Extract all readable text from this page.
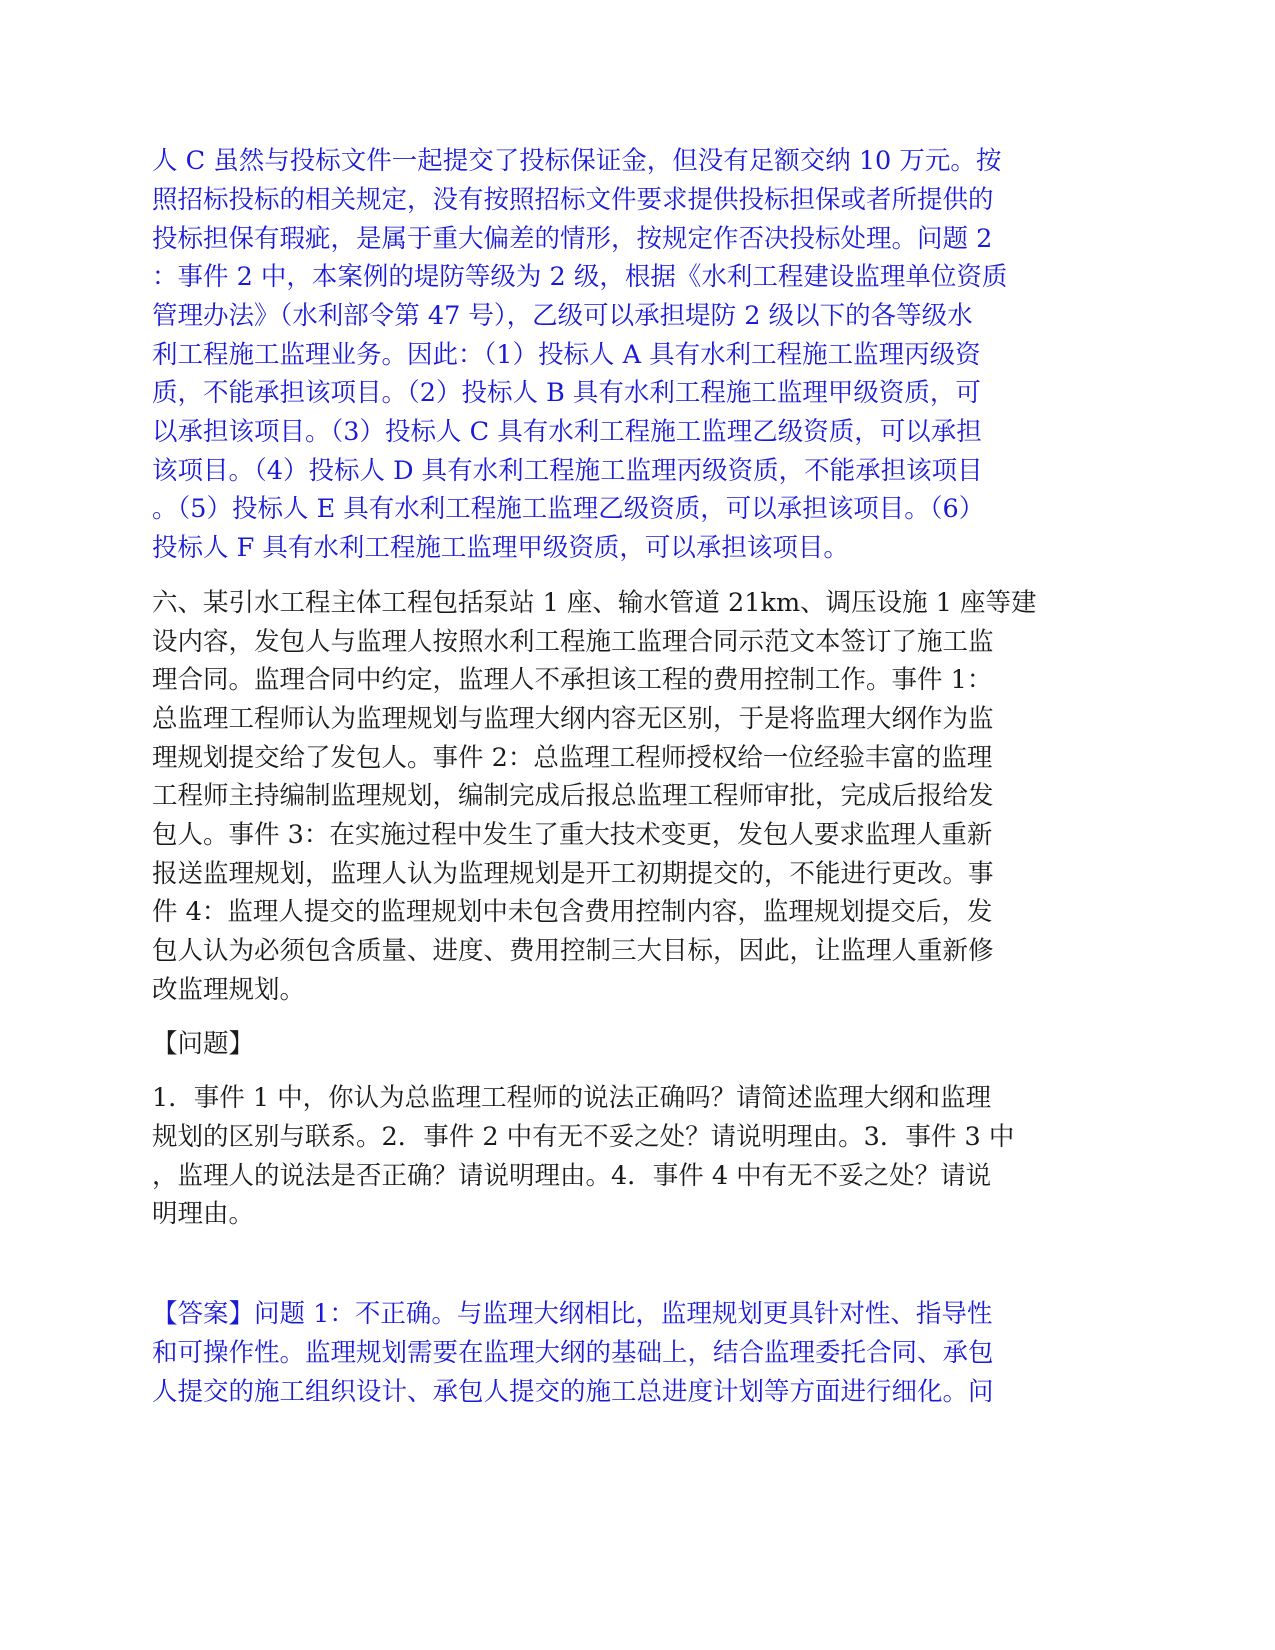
人 C 虽然与投标文件一起提交了投标保证金，但没有足额交纳 10 万元。按
照招标投标的相关规定，没有按照招标文件要求提供投标担保或者所提供的
投标担保有瑕疵，是属于重大偏差的情形，按规定作否决投标处理。问题 2
：事件 2 中，本案例的堤防等级为 2 级，根据《水利工程建设监理单位资质
管理办法》（水利部令第 47 号），乙级可以承担堤防 2 级以下的各等级水
利工程施工监理业务。因此：（1）投标人 A 具有水利工程施工监理丙级资
质，不能承担该项目。（2）投标人 B 具有水利工程施工监理甲级资质，可
以承担该项目。（3）投标人 C 具有水利工程施工监理乙级资质，可以承担
该项目。（4）投标人 D 具有水利工程施工监理丙级资质，不能承担该项目
。（5）投标人 E 具有水利工程施工监理乙级资质，可以承担该项目。（6）
投标人 F 具有水利工程施工监理甲级资质，可以承担该项目。
六、某引水工程主体工程包括泵站 1 座、输水管道 21km、调压设施 1 座等建
设内容，发包人与监理人按照水利工程施工监理合同示范文本签订了施工监
理合同。监理合同中约定，监理人不承担该工程的费用控制工作。事件 1：
总监理工程师认为监理规划与监理大纲内容无区别，于是将监理大纲作为监
理规划提交给了发包人。事件 2：总监理工程师授权给一位经验丰富的监理
工程师主持编制监理规划，编制完成后报总监理工程师审批，完成后报给发
包人。事件 3：在实施过程中发生了重大技术变更，发包人要求监理人重新
报送监理规划，监理人认为监理规划是开工初期提交的，不能进行更改。事
件 4：监理人提交的监理规划中未包含费用控制内容，监理规划提交后，发
包人认为必须包含质量、进度、费用控制三大目标，因此，让监理人重新修
改监理规划。
【问题】
1．事件 1 中，你认为总监理工程师的说法正确吗？请简述监理大纲和监理
规划的区别与联系。2．事件 2 中有无不妥之处？请说明理由。3．事件 3 中
，监理人的说法是否正确？请说明理由。4．事件 4 中有无不妥之处？请说
明理由。
【答案】问题 1：不正确。与监理大纲相比，监理规划更具针对性、指导性
和可操作性。监理规划需要在监理大纲的基础上，结合监理委托合同、承包
人提交的施工组织设计、承包人提交的施工总进度计划等方面进行细化。问
